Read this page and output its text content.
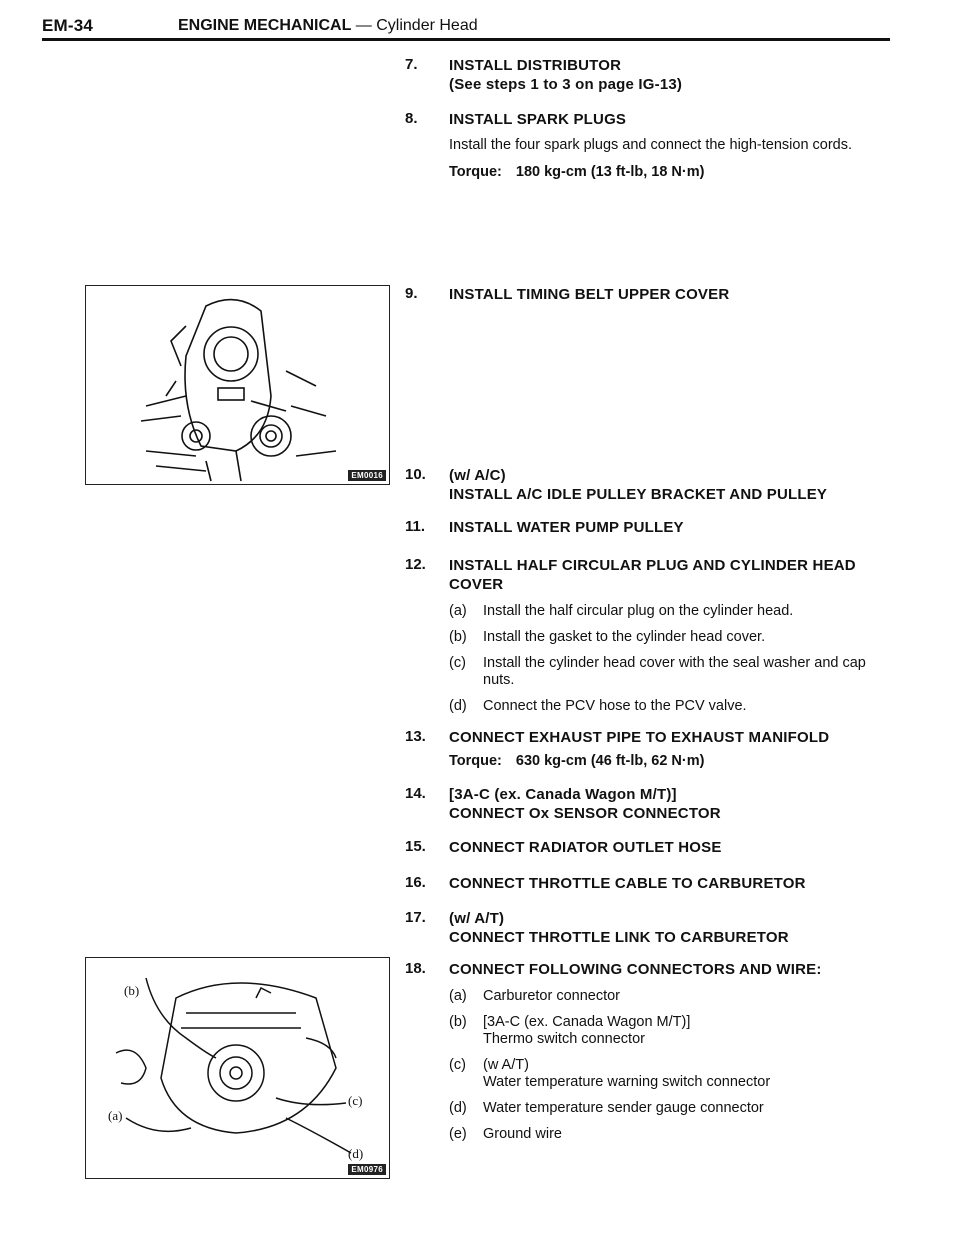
EM-34	ENGINE MECHANICAL — Cylinder Head
EM0016
(b)
(a)
(c)
(d)
EM0976
7.	INSTALL DISTRIBUTOR
(See steps 1 to 3 on page IG-13)
8.	INSTALL SPARK PLUGS
Install the four spark plugs and connect the high-tension cords.
Torque: 180 kg-cm (13 ft-lb, 18 N·m)
9.	INSTALL TIMING BELT UPPER COVER
10.	(w/ A/C)
INSTALL A/C IDLE PULLEY BRACKET AND PULLEY
11.	INSTALL WATER PUMP PULLEY
12.	INSTALL HALF CIRCULAR PLUG AND CYLINDER HEAD COVER
(a) Install the half circular plug on the cylinder head.
(b) Install the gasket to the cylinder head cover.
(c) Install the cylinder head cover with the seal washer and cap nuts.
(d) Connect the PCV hose to the PCV valve.
13.	CONNECT EXHAUST PIPE TO EXHAUST MANIFOLD
Torque: 630 kg-cm (46 ft-lb, 62 N·m)
14.	[3A-C (ex. Canada Wagon M/T)]
CONNECT Ox SENSOR CONNECTOR
15.	CONNECT RADIATOR OUTLET HOSE
16.	CONNECT THROTTLE CABLE TO CARBURETOR
17.	(w/ A/T)
CONNECT THROTTLE LINK TO CARBURETOR
18.	CONNECT FOLLOWING CONNECTORS AND WIRE:
(a) Carburetor connector
(b) [3A-C (ex. Canada Wagon M/T)]
Thermo switch connector
(c) (w A/T)
Water temperature warning switch connector
(d) Water temperature sender gauge connector
(e) Ground wire
